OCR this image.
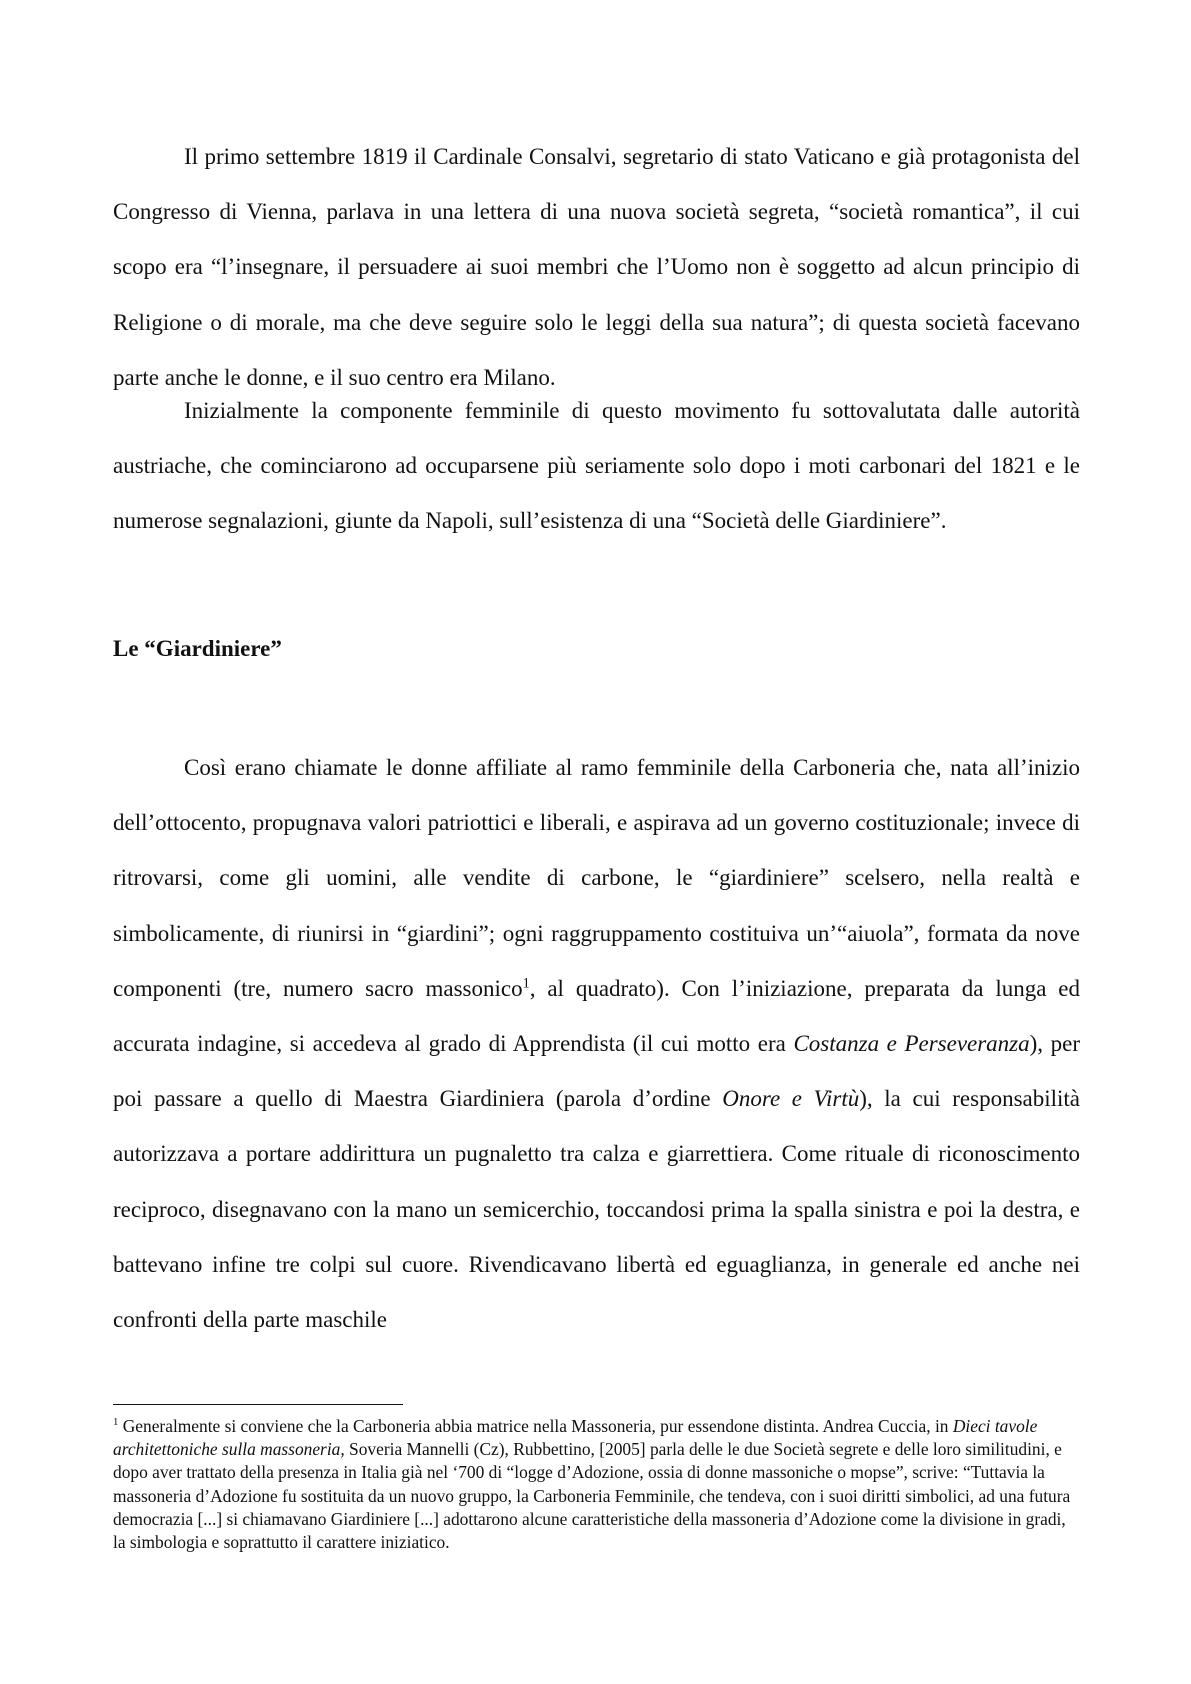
Il primo settembre 1819 il Cardinale Consalvi, segretario di stato Vaticano e già protagonista del Congresso di Vienna, parlava in una lettera di una nuova società segreta, “società romantica”, il cui scopo era “l’insegnare, il persuadere ai suoi membri che l’Uomo non è soggetto ad alcun principio di Religione o di morale, ma che deve seguire solo le leggi della sua natura”; di questa società facevano parte anche le donne, e il suo centro era Milano.

Inizialmente la componente femminile di questo movimento fu sottovalutata dalle autorità austriache, che cominciarono ad occuparsene più seriamente solo dopo i moti carbonari del 1821 e le numerose segnalazioni, giunte da Napoli, sull’esistenza di una “Società delle Giardiniere”.

Le “Giardiniere”

Così erano chiamate le donne affiliate al ramo femminile della Carboneria che, nata all’inizio dell’ottocento, propugnava valori patriottici e liberali, e aspirava ad un governo costituzionale; invece di ritrovarsi, come gli uomini, alle vendite di carbone, le “giardiniere” scelsero, nella realtà e simbolicamente, di riunirsi in “giardini”; ogni raggruppamento costituiva un’“aiuola”, formata da nove componenti (tre, numero sacro massonico$^1$, al quadrato). Con l’iniziazione, preparata da lunga ed accurata indagine, si accedeva al grado di Apprendista (il cui motto era Costanza e Perseveranza), per poi passare a quello di Maestra Giardiniera (parola d’ordine Onore e Virtù), la cui responsabilità autorizzava a portare addirittura un pugnaletto tra calza e giarrettiera. Come rituale di riconoscimento reciproco, disegnavano con la mano un semicerchio, toccandosi prima la spalla sinistra e poi la destra, e battevano infine tre colpi sul cuore. Rivendicavano libertà ed eguaglianza, in generale ed anche nei confronti della parte maschile

$^1$ Generalmente si conviene che la Carboneria abbia matrice nella Massoneria, pur essendone distinta. Andrea Cuccia, in Dieci tavole architettoniche sulla massoneria, Soveria Mannelli (Cz), Rubbettino, [2005] parla delle le due Società segrete e delle loro similitudini, e dopo aver trattato della presenza in Italia già nel ‘700 di “logge d’Adozione, ossia di donne massoniche o mopse”, scrive: “Tuttavia la massoneria d’Adozione fu sostituita da un nuovo gruppo, la Carboneria Femminile, che tendeva, con i suoi diritti simbolici, ad una futura democrazia [...] si chiamavano Giardiniere [...] adottarono alcune caratteristiche della massoneria d’Adozione come la divisione in gradi, la simbologia e soprattutto il carattere iniziatico.
